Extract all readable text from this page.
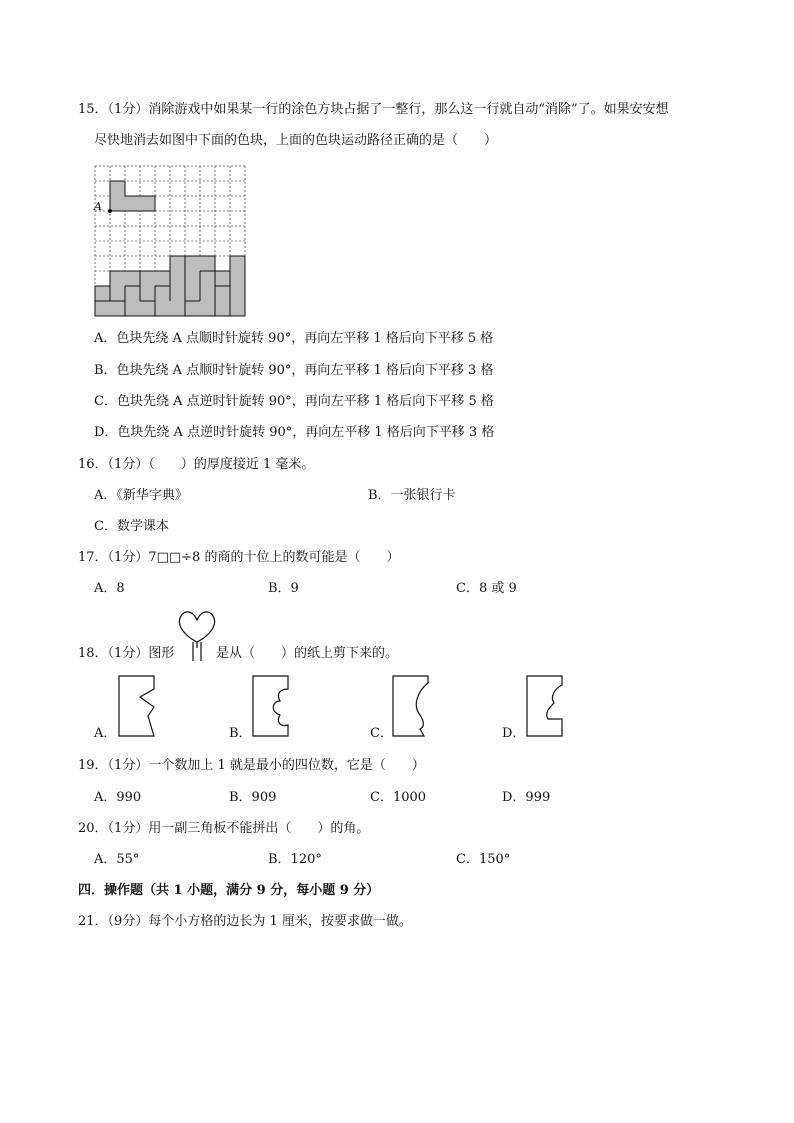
15．（1分）消除游戏中如果某一行的涂色方块占据了一整行，那么这一行就自动“消除”了。如果安安想
尽快地消去如图中下面的色块，上面的色块运动路径正确的是（　　）
A
A．色块先绕 A 点顺时针旋转 90°，再向左平移 1 格后向下平移 5 格
B．色块先绕 A 点顺时针旋转 90°，再向左平移 1 格后向下平移 3 格
C．色块先绕 A 点逆时针旋转 90°，再向左平移 1 格后向下平移 5 格
D．色块先绕 A 点逆时针旋转 90°，再向左平移 1 格后向下平移 3 格
16．（1分）（　　）的厚度接近 1 毫米。
A．《新华字典》	B．一张银行卡
C．数学课本
17．（1分）7□□÷8 的商的十位上的数可能是（　　）
A．8	B．9	C．8 或 9
18．（1分）图形	是从（　　）的纸上剪下来的。
A．	B．	C．	D．
19．（1分）一个数加上 1 就是最小的四位数，它是（　　）
A．990	B．909	C．1000	D．999
20．（1分）用一副三角板不能拼出（　　）的角。
A．55°	B．120°	C．150°
四．操作题（共 1 小题，满分 9 分，每小题 9 分）
21．（9分）每个小方格的边长为 1 厘米，按要求做一做。
